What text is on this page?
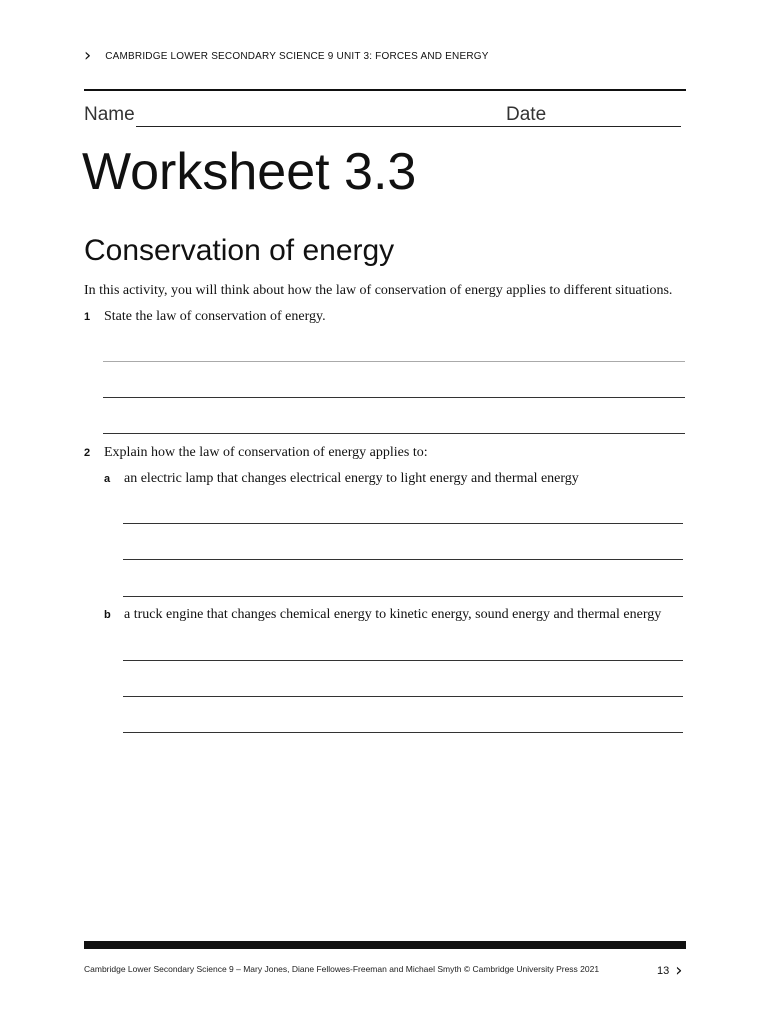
› CAMBRIDGE LOWER SECONDARY SCIENCE 9 UNIT 3: FORCES AND ENERGY
Name	Date
Worksheet 3.3
Conservation of energy
In this activity, you will think about how the law of conservation of energy applies to different situations.
1 State the law of conservation of energy.
2 Explain how the law of conservation of energy applies to:
a an electric lamp that changes electrical energy to light energy and thermal energy
b a truck engine that changes chemical energy to kinetic energy, sound energy and thermal energy
Cambridge Lower Secondary Science 9 – Mary Jones, Diane Fellowes-Freeman and Michael Smyth © Cambridge University Press 2021	13 ›
